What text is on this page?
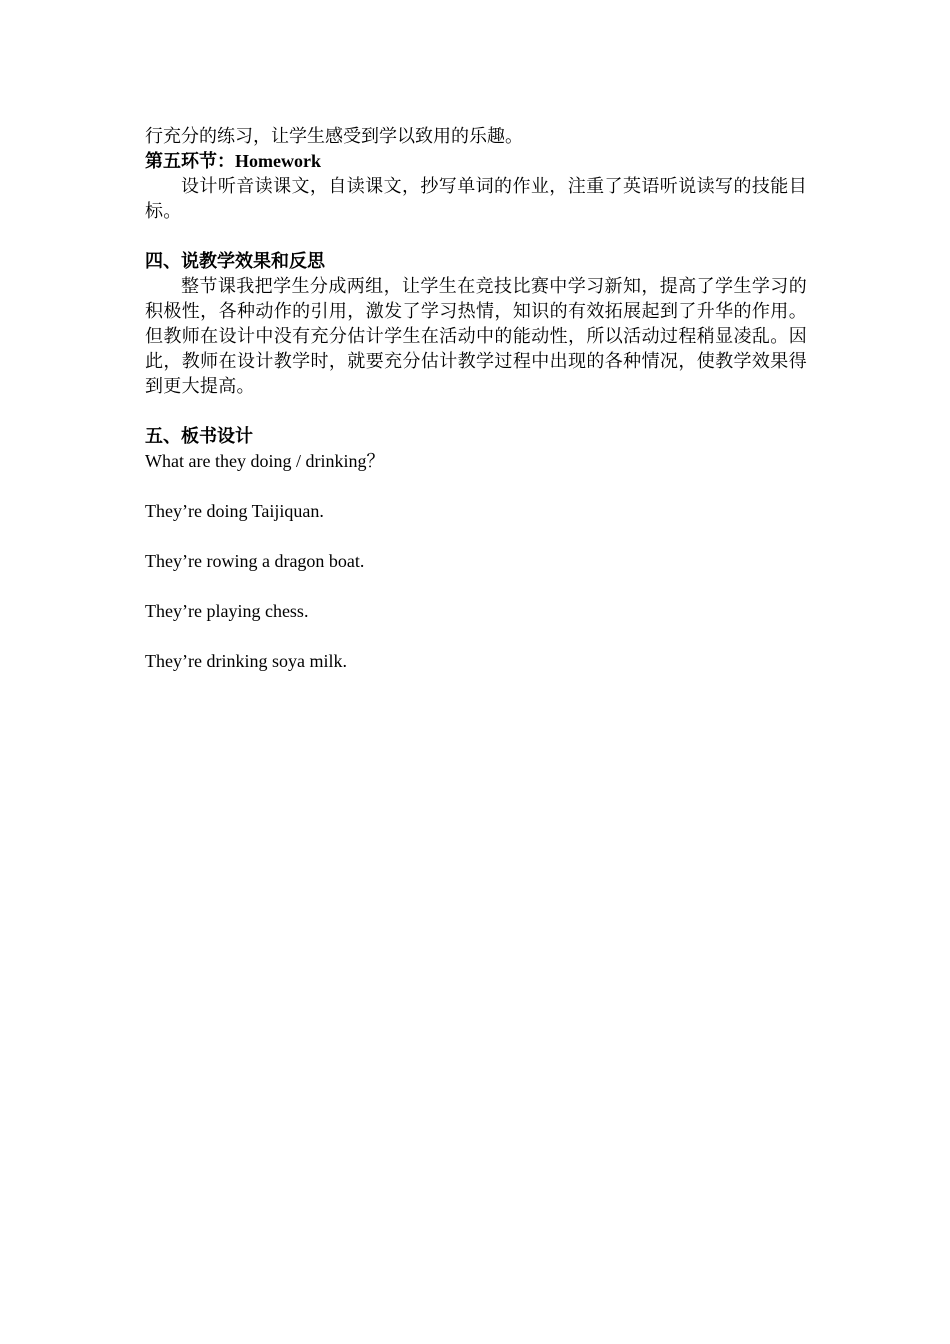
行充分的练习，让学生感受到学以致用的乐趣。
第五环节：Homework

设计听音读课文，自读课文，抄写单词的作业，注重了英语听说读写的技能目标。

四、说教学效果和反思

整节课我把学生分成两组，让学生在竞技比赛中学习新知，提高了学生学习的积极性，各种动作的引用，激发了学习热情，知识的有效拓展起到了升华的作用。但教师在设计中没有充分估计学生在活动中的能动性，所以活动过程稍显凌乱。因此，教师在设计教学时，就要充分估计教学过程中出现的各种情况，使教学效果得到更大提高。

五、板书设计
What are they doing / drinking？
They’re doing Taijiquan.
They’re rowing a dragon boat.
They’re playing chess.
They’re drinking soya milk.
